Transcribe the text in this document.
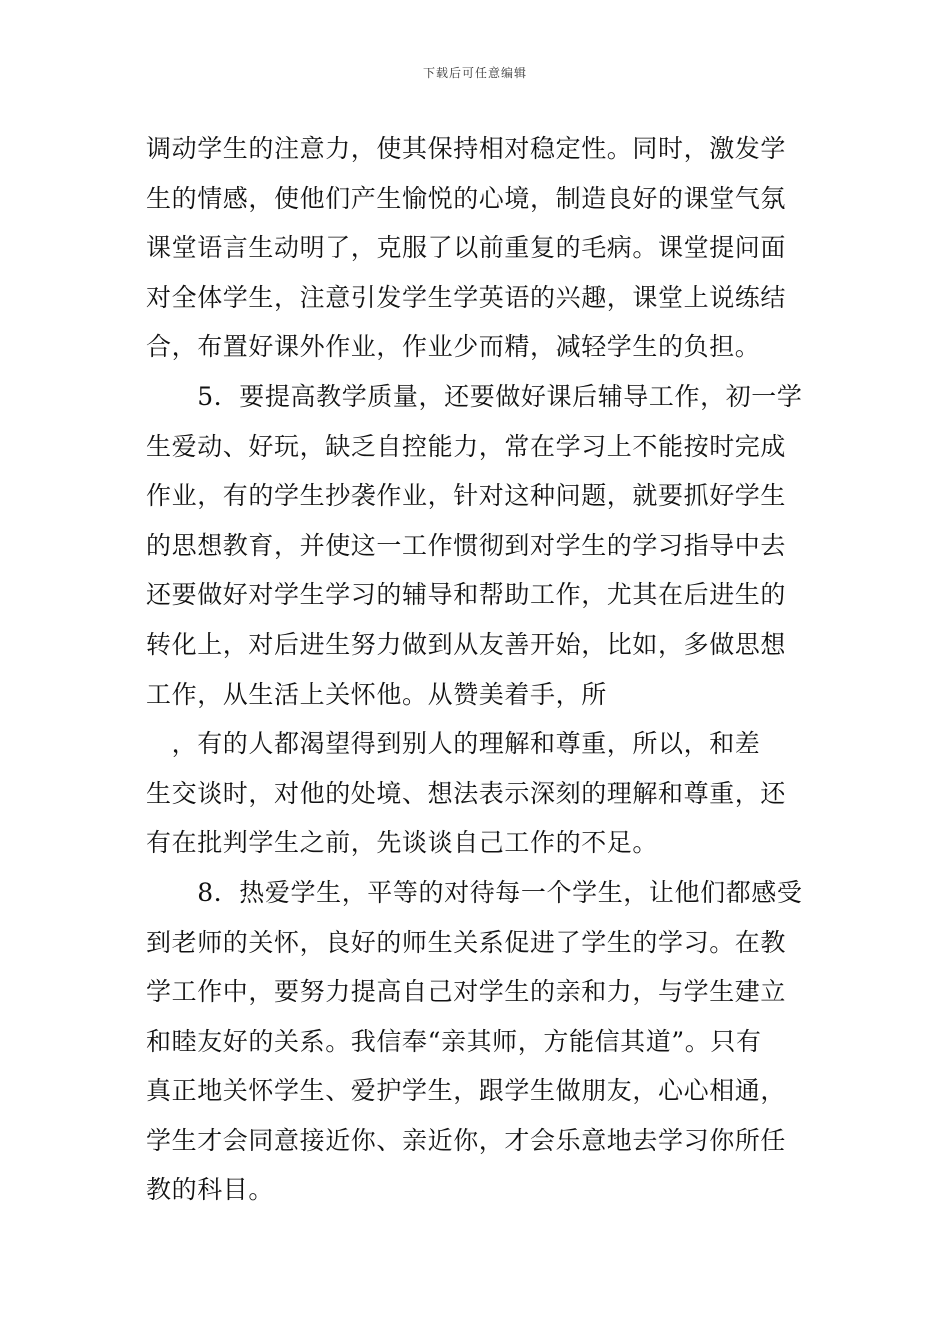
下载后可任意编辑
调动学生的注意力，使其保持相对稳定性。同时，激发学
生的情感，使他们产生愉悦的心境，制造良好的课堂气氛
课堂语言生动明了，克服了以前重复的毛病。课堂提问面
对全体学生，注意引发学生学英语的兴趣，课堂上说练结
合，布置好课外作业，作业少而精，减轻学生的负担。
　　5．要提高教学质量，还要做好课后辅导工作，初一学
生爱动、好玩，缺乏自控能力，常在学习上不能按时完成
作业，有的学生抄袭作业，针对这种问题，就要抓好学生
的思想教育，并使这一工作惯彻到对学生的学习指导中去
还要做好对学生学习的辅导和帮助工作，尤其在后进生的
转化上，对后进生努力做到从友善开始，比如，多做思想
工作，从生活上关怀他。从赞美着手，所
　，有的人都渴望得到别人的理解和尊重，所以，和差
生交谈时，对他的处境、想法表示深刻的理解和尊重，还
有在批判学生之前，先谈谈自己工作的不足。
　　8．热爱学生，平等的对待每一个学生，让他们都感受
到老师的关怀，良好的师生关系促进了学生的学习。在教
学工作中，要努力提高自己对学生的亲和力，与学生建立
和睦友好的关系。我信奉“亲其师，方能信其道”。只有
真正地关怀学生、爱护学生，跟学生做朋友，心心相通，
学生才会同意接近你、亲近你，才会乐意地去学习你所任
教的科目。
